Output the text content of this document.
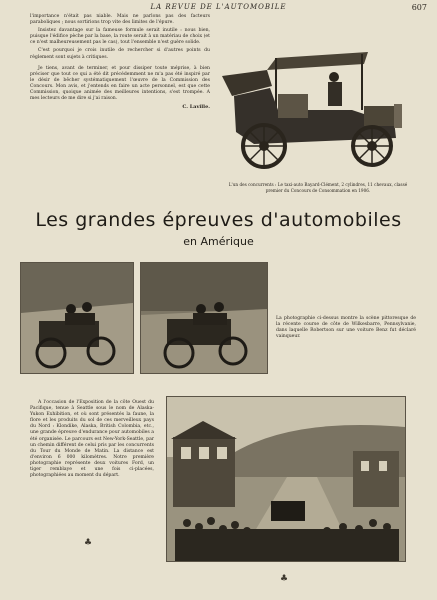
LA REVUE DE L'AUTOMOBILE	607

l'importance n'était pas niable. Mais ne parlons pas des facteurs paraboliques ; nous sortirions trop vite des limites de l'épure.

Insistez davantage sur la fameuse formule serait inutile : nous bien, puisque l'édifice pèche par la base, la route serait à un matériau de choix (et ce n'est malheureusement pas le cas), tout l'ensemble n'est guère solide.

C'est pourquoi je crois inutile de rechercher si d'autres points du règlement sont sujets à critiques.

Je tiens, avant de terminer, et pour dissiper toute méprise, à bien préciser que tout ce qui a été dit précédemment ne m'a pas été inspiré par le désir de bêcher systématiquement l'œuvre de la Commission des Concours. Mon avis, et j'entends en faire un acte personnel, est que cette Commission, quoique animée des meilleures intentions, s'est trompée. A mes lecteurs de me dire si j'ai raison.

C. Laville.
L'un des concurrents : Le taxi-auto Bayard-Clément, 2 cylindres, 11 chevaux, classé premier du Concours de Consommation en 1906.
Les grandes épreuves d'automobiles
en Amérique
La photographie ci-dessus montre la scène pittoresque de la récente course de côte de Wilkesbarre, Pennsylvanie, dans laquelle Robertson sur une voiture Benz fut déclaré vainqueur.
A l'occasion de l'Exposition de la côte Ouest du Pacifique, tenue à Seattle sous le nom de Alaska-Yukon Exhibition, et où sont présentés la faune, la flore et les produits du sol de ces merveilleux pays du Nord : Klondike, Alaska, British Colombia, etc., une grande épreuve d'endurance pour automobiles a été organisée. Le parcours est New-York-Seattle, par un chemin différent de celui pris par les concurrents du Tour du Monde de Matin. La distance est d'environ 6 000 kilomètres. Notre première photographie représente deux voitures Ford, un tiger remblaye et une fois ci-placées, photographiées au moment du départ.
♣
♣
